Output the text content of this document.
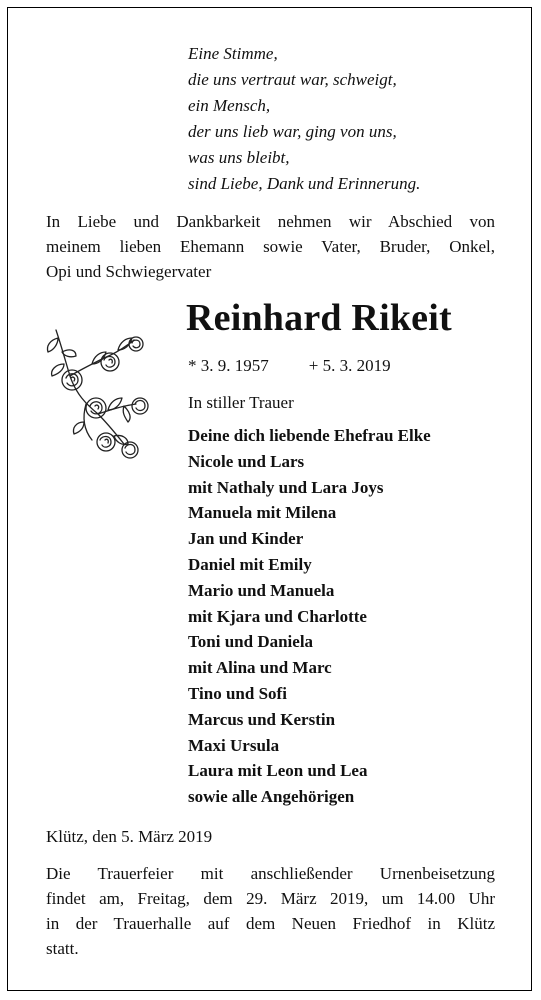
Eine Stimme,
die uns vertraut war, schweigt,
ein Mensch,
der uns lieb war, ging von uns,
was uns bleibt,
sind Liebe, Dank und Erinnerung.
In Liebe und Dankbarkeit nehmen wir Abschied von
meinem lieben Ehemann sowie Vater, Bruder, Onkel,
Opi und Schwiegervater
Reinhard Rikeit
* 3. 9. 1957 + 5. 3. 2019
In stiller Trauer
Deine dich liebende Ehefrau Elke
Nicole und Lars
mit Nathaly und Lara Joys
Manuela mit Milena
Jan und Kinder
Daniel mit Emily
Mario und Manuela
mit Kjara und Charlotte
Toni und Daniela
mit Alina und Marc
Tino und Sofi
Marcus und Kerstin
Maxi Ursula
Laura mit Leon und Lea
sowie alle Angehörigen
Klütz, den 5. März 2019
Die Trauerfeier mit anschließender Urnenbeisetzung
findet am, Freitag, dem 29. März 2019, um 14.00 Uhr
in der Trauerhalle auf dem Neuen Friedhof in Klütz
statt.
